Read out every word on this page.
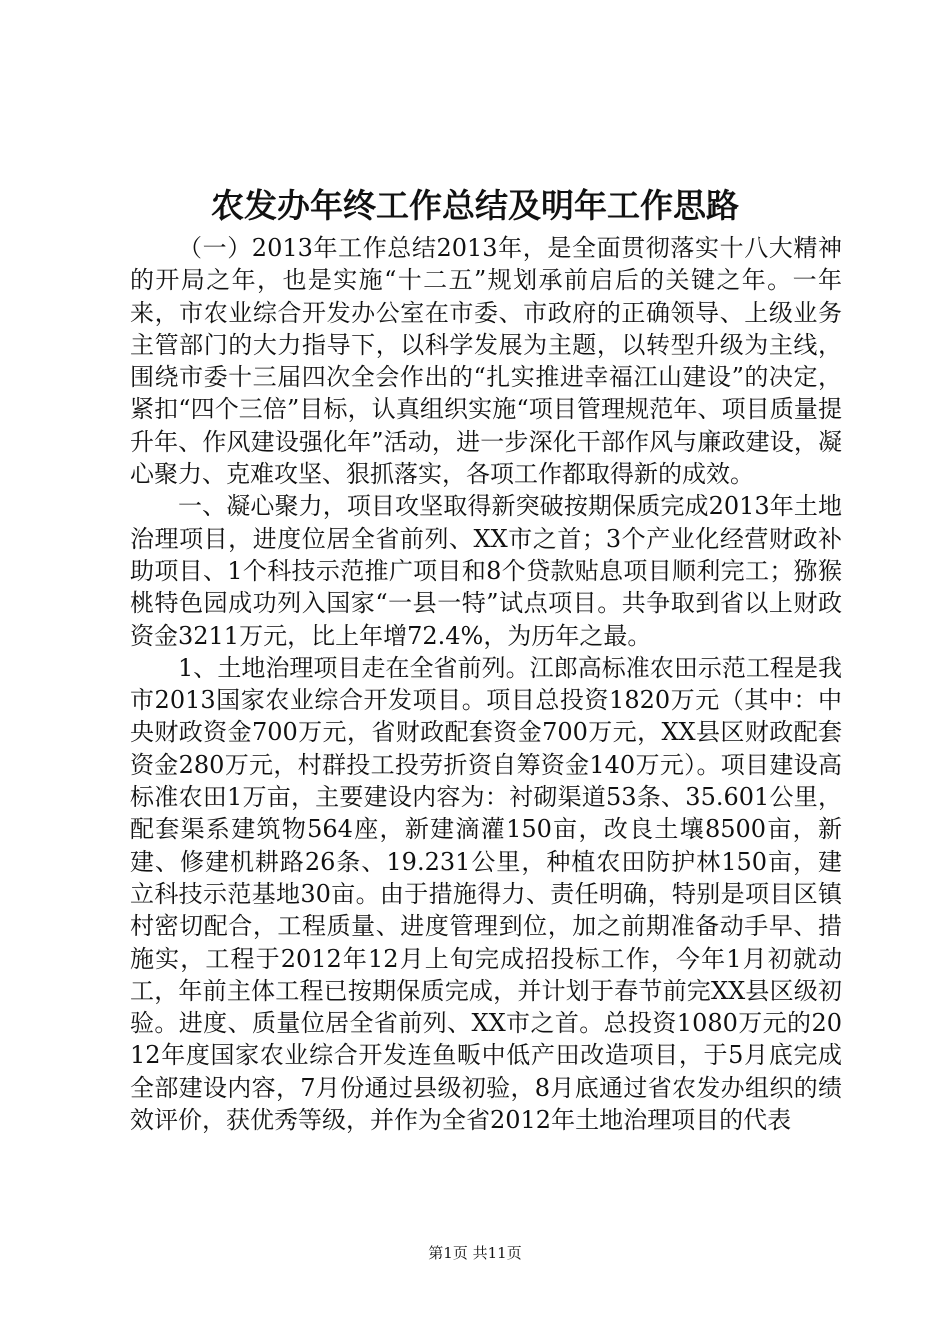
农发办年终工作总结及明年工作思路

（一）2013年工作总结2013年，是全面贯彻落实十八大精神的开局之年，也是实施“十二五”规划承前启后的关键之年。一年来，市农业综合开发办公室在市委、市政府的正确领导、上级业务主管部门的大力指导下，以科学发展为主题，以转型升级为主线，围绕市委十三届四次全会作出的“扎实推进幸福江山建设”的决定，紧扣“四个三倍”目标，认真组织实施“项目管理规范年、项目质量提升年、作风建设强化年”活动，进一步深化干部作风与廉政建设，凝心聚力、克难攻坚、狠抓落实，各项工作都取得新的成效。

一、凝心聚力，项目攻坚取得新突破按期保质完成2013年土地治理项目，进度位居全省前列、XX市之首；3个产业化经营财政补助项目、1个科技示范推广项目和8个贷款贴息项目顺利完工；猕猴桃特色园成功列入国家“一县一特”试点项目。共争取到省以上财政资金3211万元，比上年增72.4%，为历年之最。

1、土地治理项目走在全省前列。江郎高标准农田示范工程是我市2013国家农业综合开发项目。项目总投资1820万元（其中：中央财政资金700万元，省财政配套资金700万元，XX县区财政配套资金280万元，村群投工投劳折资自筹资金140万元）。项目建设高标准农田1万亩，主要建设内容为：衬砌渠道53条、35.601公里，配套渠系建筑物564座，新建滴灌150亩，改良土壤8500亩，新建、修建机耕路26条、19.231公里，种植农田防护林150亩，建立科技示范基地30亩。由于措施得力、责任明确，特别是项目区镇村密切配合，工程质量、进度管理到位，加之前期准备动手早、措施实，工程于2012年12月上旬完成招投标工作，今年1月初就动工，年前主体工程已按期保质完成，并计划于春节前完XX县区级初验。进度、质量位居全省前列、XX市之首。总投资1080万元的2012年度国家农业综合开发连鱼畈中低产田改造项目，于5月底完成全部建设内容，7月份通过县级初验，8月底通过省农发办组织的绩效评价，获优秀等级，并作为全省2012年土地治理项目的代表

第1页 共11页
